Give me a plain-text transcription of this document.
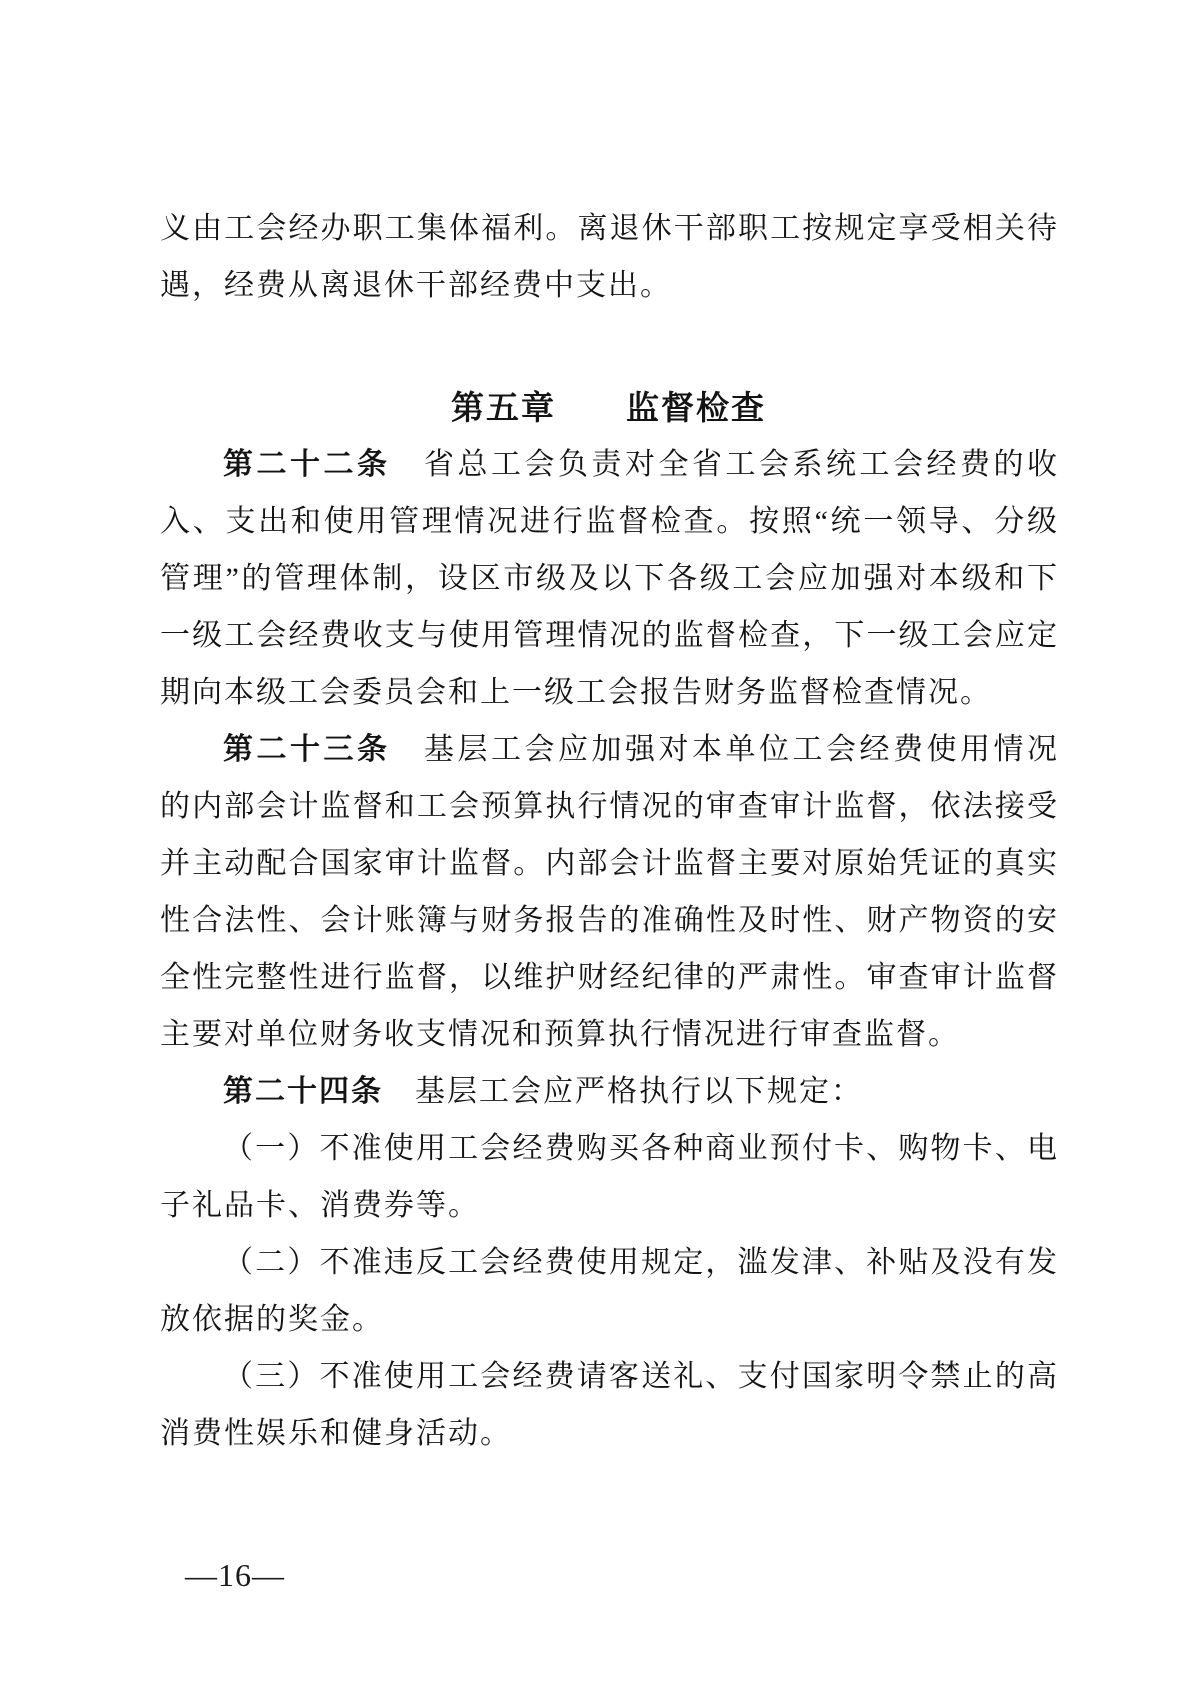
义由工会经办职工集体福利。离退休干部职工按规定享受相关待
遇，经费从离退休干部经费中支出。
第五章　　监督检查
第二十二条　省总工会负责对全省工会系统工会经费的收
入、支出和使用管理情况进行监督检查。按照“统一领导、分级
管理”的管理体制，设区市级及以下各级工会应加强对本级和下
一级工会经费收支与使用管理情况的监督检查，下一级工会应定
期向本级工会委员会和上一级工会报告财务监督检查情况。
第二十三条　基层工会应加强对本单位工会经费使用情况
的内部会计监督和工会预算执行情况的审查审计监督，依法接受
并主动配合国家审计监督。内部会计监督主要对原始凭证的真实
性合法性、会计账簿与财务报告的准确性及时性、财产物资的安
全性完整性进行监督，以维护财经纪律的严肃性。审查审计监督
主要对单位财务收支情况和预算执行情况进行审查监督。
第二十四条　基层工会应严格执行以下规定：
（一）不准使用工会经费购买各种商业预付卡、购物卡、电
子礼品卡、消费券等。
（二）不准违反工会经费使用规定，滥发津、补贴及没有发
放依据的奖金。
（三）不准使用工会经费请客送礼、支付国家明令禁止的高
消费性娱乐和健身活动。
—16—
